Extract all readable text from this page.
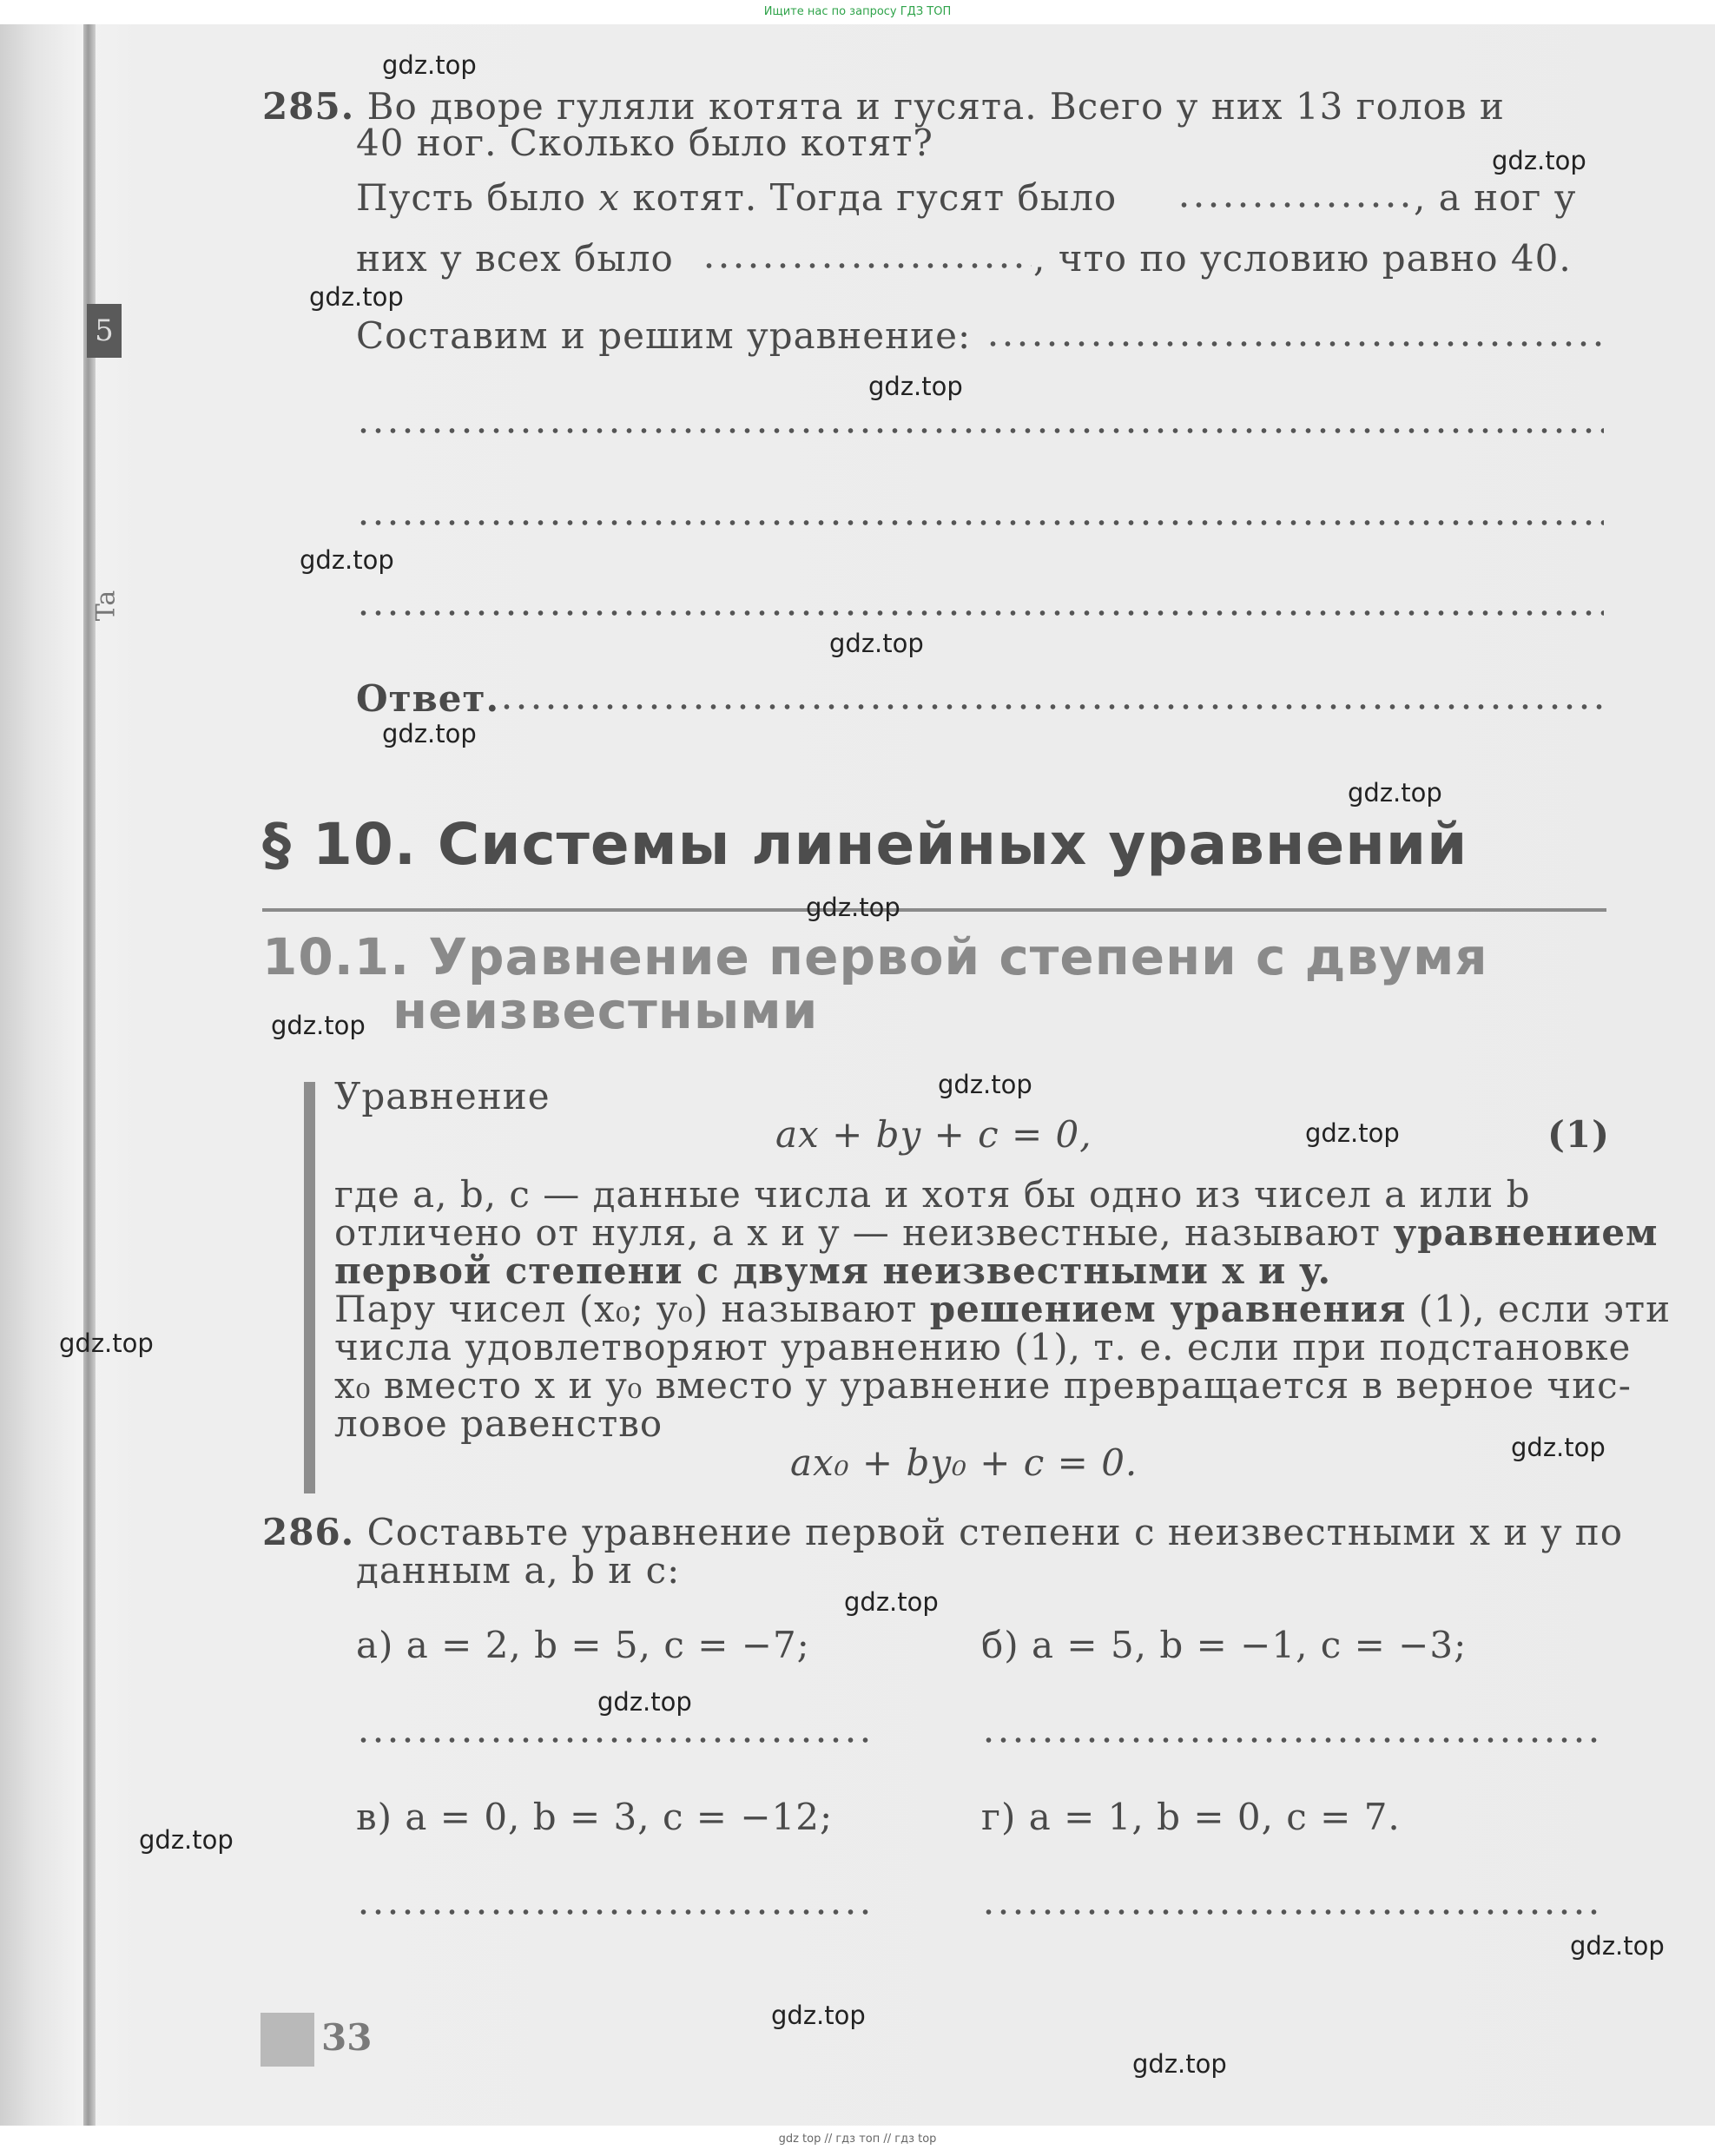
Ищите нас по запросу ГДЗ ТОП
5
Ta
285. Во дворе гуляли котята и гусята. Всего у них 13 голов и
40 ног. Сколько было котят?
Пусть было x котят. Тогда гусят было	, а ног у
них у всех было	, что по условию равно 40.
Составим и решим уравнение:
Ответ.
§ 10. Системы линейных уравнений
10.1. Уравнение первой степени с двумя
неизвестными
Уравнение
ax + by + c = 0,	(1)
где a, b, c — данные числа и хотя бы одно из чисел a или b
отличено от нуля, а x и y — неизвестные, называют уравнением
первой степени с двумя неизвестными x и y.
Пару чисел (x₀; y₀) называют решением уравнения (1), если эти
числа удовлетворяют уравнению (1), т. е. если при подстановке
x₀ вместо x и y₀ вместо y уравнение превращается в верное чис-
ловое равенство
ax₀ + by₀ + c = 0.
286. Составьте уравнение первой степени с неизвестными x и y по
данным a, b и c:
а) a = 2, b = 5, c = −7;	б) a = 5, b = −1, c = −3;
в) a = 0, b = 3, c = −12;	г) a = 1, b = 0, c = 7.
33
gdz.top
gdz.top
gdz.top
gdz.top
gdz.top
gdz.top
gdz.top
gdz.top
gdz.top
gdz.top
gdz.top
gdz.top
gdz.top
gdz.top
gdz.top
gdz.top
gdz.top
gdz.top
gdz.top
gdz.top
gdz top // гдз топ // гдз top
